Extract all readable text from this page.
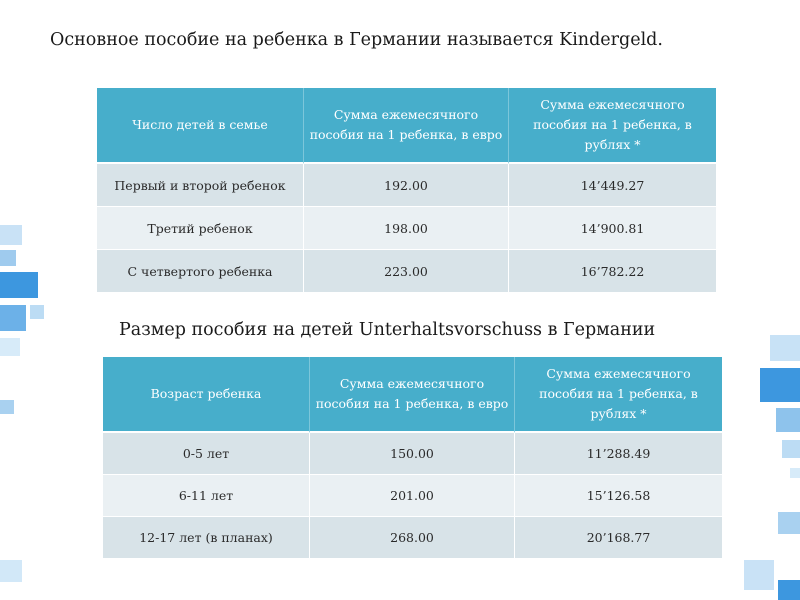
Основное пособие на ребенка в Германии называется Kindergeld.
Число детей в семье	Сумма ежемесячного пособия на 1 ребенка, в евро	Сумма ежемесячного пособия на 1 ребенка, в рублях *
Первый и второй ребенок	192.00	14’449.27
Третий ребенок	198.00	14’900.81
С четвертого ребенка	223.00	16’782.22
Размер пособия на детей Unterhaltsvorschuss в Германии
Возраст ребенка	Сумма ежемесячного пособия на 1 ребенка, в евро	Сумма ежемесячного пособия на 1 ребенка, в рублях *
0-5 лет	150.00	11’288.49
6-11 лет	201.00	15’126.58
12-17 лет (в планах)	268.00	20’168.77
